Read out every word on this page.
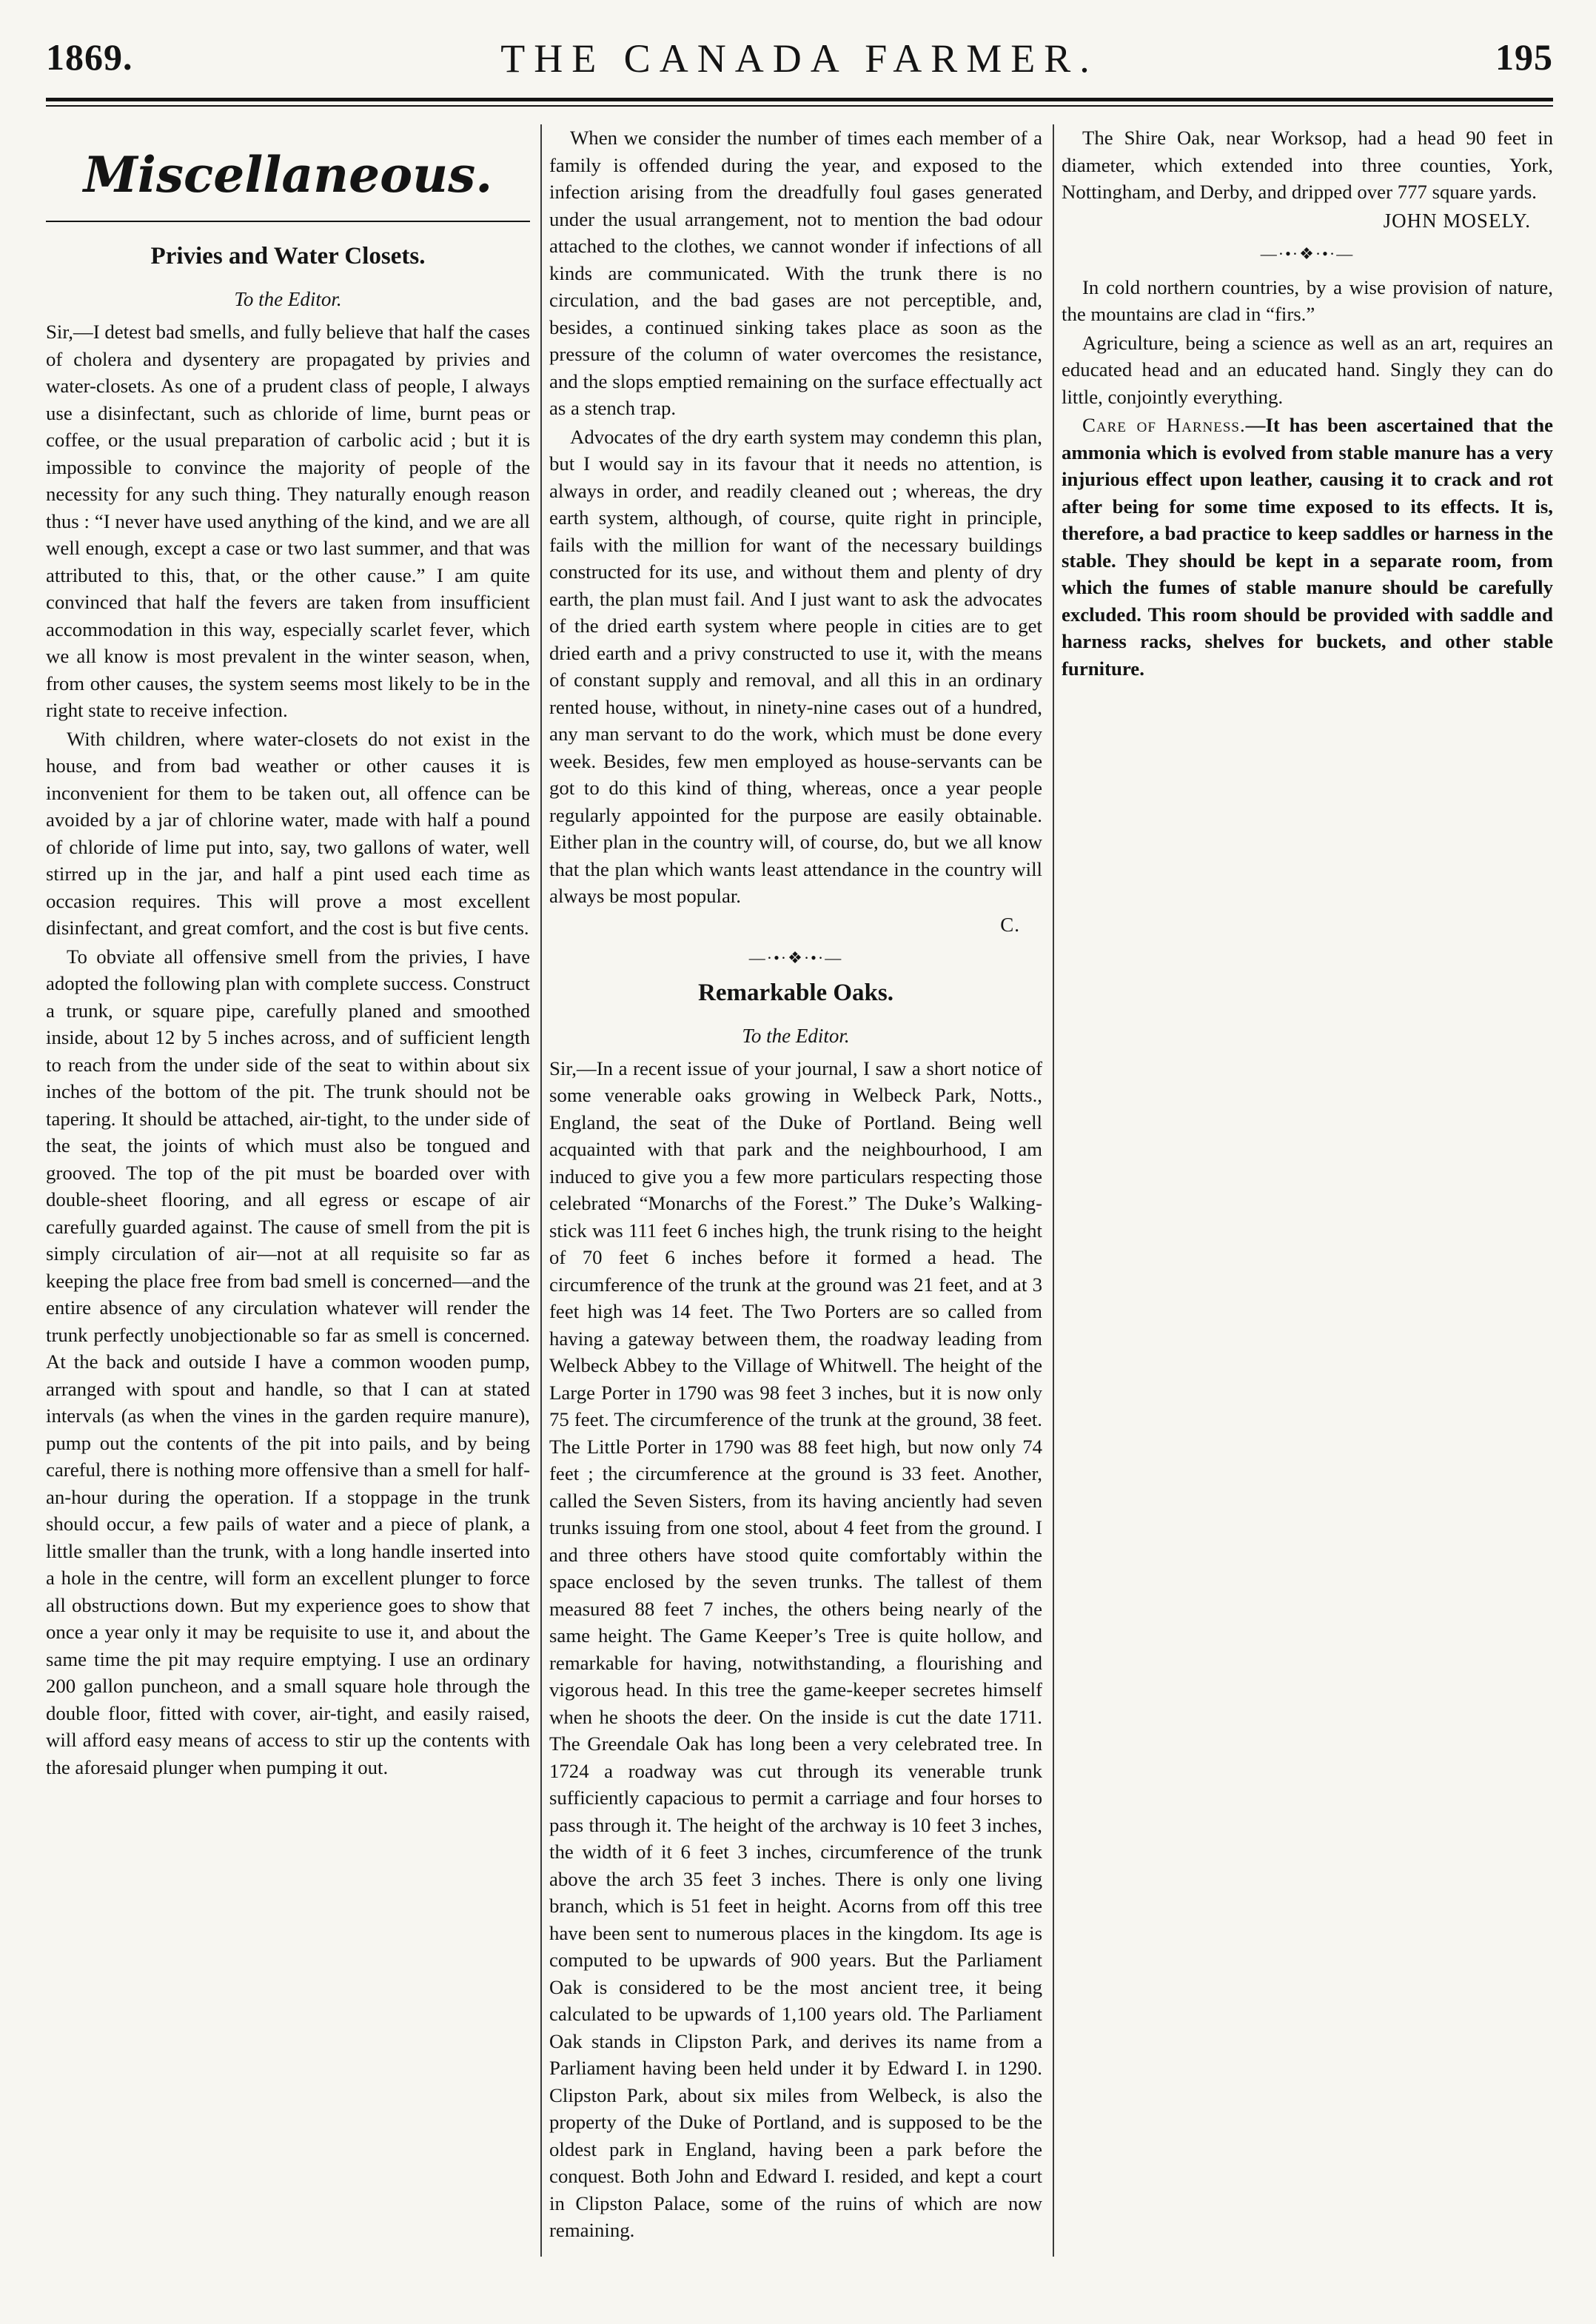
THE CANADA FARMER.
1869.	195
Miscellaneous.
Privies and Water Closets.
To the Editor.

Sir,—I detest bad smells, and fully believe that half the cases of cholera and dysentery are propagated by privies and water-closets. As one of a prudent class of people, I always use a disinfectant, such as chloride of lime, burnt peas or coffee, or the usual preparation of carbolic acid ; but it is impossible to convince the majority of people of the necessity for any such thing. They naturally enough reason thus : “I never have used anything of the kind, and we are all well enough, except a case or two last summer, and that was attributed to this, that, or the other cause.” I am quite convinced that half the fevers are taken from insufficient accommodation in this way, especially scarlet fever, which we all know is most prevalent in the winter season, when, from other causes, the system seems most likely to be in the right state to receive infection.

With children, where water-closets do not exist in the house, and from bad weather or other causes it is inconvenient for them to be taken out, all offence can be avoided by a jar of chlorine water, made with half a pound of chloride of lime put into, say, two gallons of water, well stirred up in the jar, and half a pint used each time as occasion requires. This will prove a most excellent disinfectant, and great comfort, and the cost is but five cents.

To obviate all offensive smell from the privies, I have adopted the following plan with complete success. Construct a trunk, or square pipe, carefully planed and smoothed inside, about 12 by 5 inches across, and of sufficient length to reach from the under side of the seat to within about six inches of the bottom of the pit. The trunk should not be tapering. It should be attached, air-tight, to the under side of the seat, the joints of which must also be tongued and grooved. The top of the pit must be boarded over with double-sheet flooring, and all egress or escape of air carefully guarded against. The cause of smell from the pit is simply circulation of air—not at all requisite so far as keeping the place free from bad smell is concerned—and the entire absence of any circulation whatever will render the trunk perfectly unobjectionable so far as smell is concerned. At the back and outside I have a common wooden pump, arranged with spout and handle, so that I can at stated intervals (as when the vines in the garden require manure), pump out the contents of the pit into pails, and by being careful, there is nothing more offensive than a smell for half-an-hour during the operation. If a stoppage in the trunk should occur, a few pails of water and a piece of plank, a little smaller than the trunk, with a long handle inserted into a hole in the centre, will form an excellent plunger to force all obstructions down. But my experience goes to show that once a year only it may be requisite to use it, and about the same time the pit may require emptying. I use an ordinary 200 gallon puncheon, and a small square hole through the double floor, fitted with cover, air-tight, and easily raised, will afford easy means of access to stir up the contents with the aforesaid plunger when pumping it out.

When we consider the number of times each member of a family is offended during the year, and exposed to the infection arising from the dreadfully foul gases generated under the usual arrangement, not to mention the bad odour attached to the clothes, we cannot wonder if infections of all kinds are communicated. With the trunk there is no circulation, and the bad gases are not perceptible, and, besides, a continued sinking takes place as soon as the pressure of the column of water overcomes the resistance, and the slops emptied remaining on the surface effectually act as a stench trap.

Advocates of the dry earth system may condemn this plan, but I would say in its favour that it needs no attention, is always in order, and readily cleaned out ; whereas, the dry earth system, although, of course, quite right in principle, fails with the million for want of the necessary buildings constructed for its use, and without them and plenty of dry earth, the plan must fail. And I just want to ask the advocates of the dried earth system where people in cities are to get dried earth and a privy constructed to use it, with the means of constant supply and removal, and all this in an ordinary rented house, without, in ninety-nine cases out of a hundred, any man servant to do the work, which must be done every week. Besides, few men employed as house-servants can be got to do this kind of thing, whereas, once a year people regularly appointed for the purpose are easily obtainable. Either plan in the country will, of course, do, but we all know that the plan which wants least attendance in the country will always be most popular.

C.
—·•·❖·•·—
Remarkable Oaks.
To the Editor.

Sir,—In a recent issue of your journal, I saw a short notice of some venerable oaks growing in Welbeck Park, Notts., England, the seat of the Duke of Portland. Being well acquainted with that park and the neighbourhood, I am induced to give you a few more particulars respecting those celebrated “Monarchs of the Forest.” The Duke’s Walking-stick was 111 feet 6 inches high, the trunk rising to the height of 70 feet 6 inches before it formed a head. The circumference of the trunk at the ground was 21 feet, and at 3 feet high was 14 feet. The Two Porters are so called from having a gateway between them, the roadway leading from Welbeck Abbey to the Village of Whitwell. The height of the Large Porter in 1790 was 98 feet 3 inches, but it is now only 75 feet. The circumference of the trunk at the ground, 38 feet. The Little Porter in 1790 was 88 feet high, but now only 74 feet ; the circumference at the ground is 33 feet. Another, called the Seven Sisters, from its having anciently had seven trunks issuing from one stool, about 4 feet from the ground. I and three others have stood quite comfortably within the space enclosed by the seven trunks. The tallest of them measured 88 feet 7 inches, the others being nearly of the same height. The Game Keeper’s Tree is quite hollow, and remarkable for having, notwithstanding, a flourishing and vigorous head. In this tree the game-keeper secretes himself when he shoots the deer. On the inside is cut the date 1711. The Greendale Oak has long been a very celebrated tree. In 1724 a roadway was cut through its venerable trunk sufficiently capacious to permit a carriage and four horses to pass through it. The height of the archway is 10 feet 3 inches, the width of it 6 feet 3 inches, circumference of the trunk above the arch 35 feet 3 inches. There is only one living branch, which is 51 feet in height. Acorns from off this tree have been sent to numerous places in the kingdom. Its age is computed to be upwards of 900 years. But the Parliament Oak is considered to be the most ancient tree, it being calculated to be upwards of 1,100 years old. The Parliament Oak stands in Clipston Park, and derives its name from a Parliament having been held under it by Edward I. in 1290. Clipston Park, about six miles from Welbeck, is also the property of the Duke of Portland, and is supposed to be the oldest park in England, having been a park before the conquest. Both John and Edward I. resided, and kept a court in Clipston Palace, some of the ruins of which are now remaining.

The Shire Oak, near Worksop, had a head 90 feet in diameter, which extended into three counties, York, Nottingham, and Derby, and dripped over 777 square yards.

JOHN MOSELY.
—·•·❖·•·—

In cold northern countries, by a wise provision of nature, the mountains are clad in “firs.”

Agriculture, being a science as well as an art, requires an educated head and an educated hand. Singly they can do little, conjointly everything.

Care of Harness.—It has been ascertained that the ammonia which is evolved from stable manure has a very injurious effect upon leather, causing it to crack and rot after being for some time exposed to its effects. It is, therefore, a bad practice to keep saddles or harness in the stable. They should be kept in a separate room, from which the fumes of stable manure should be carefully excluded. This room should be provided with saddle and harness racks, shelves for buckets, and other stable furniture.
